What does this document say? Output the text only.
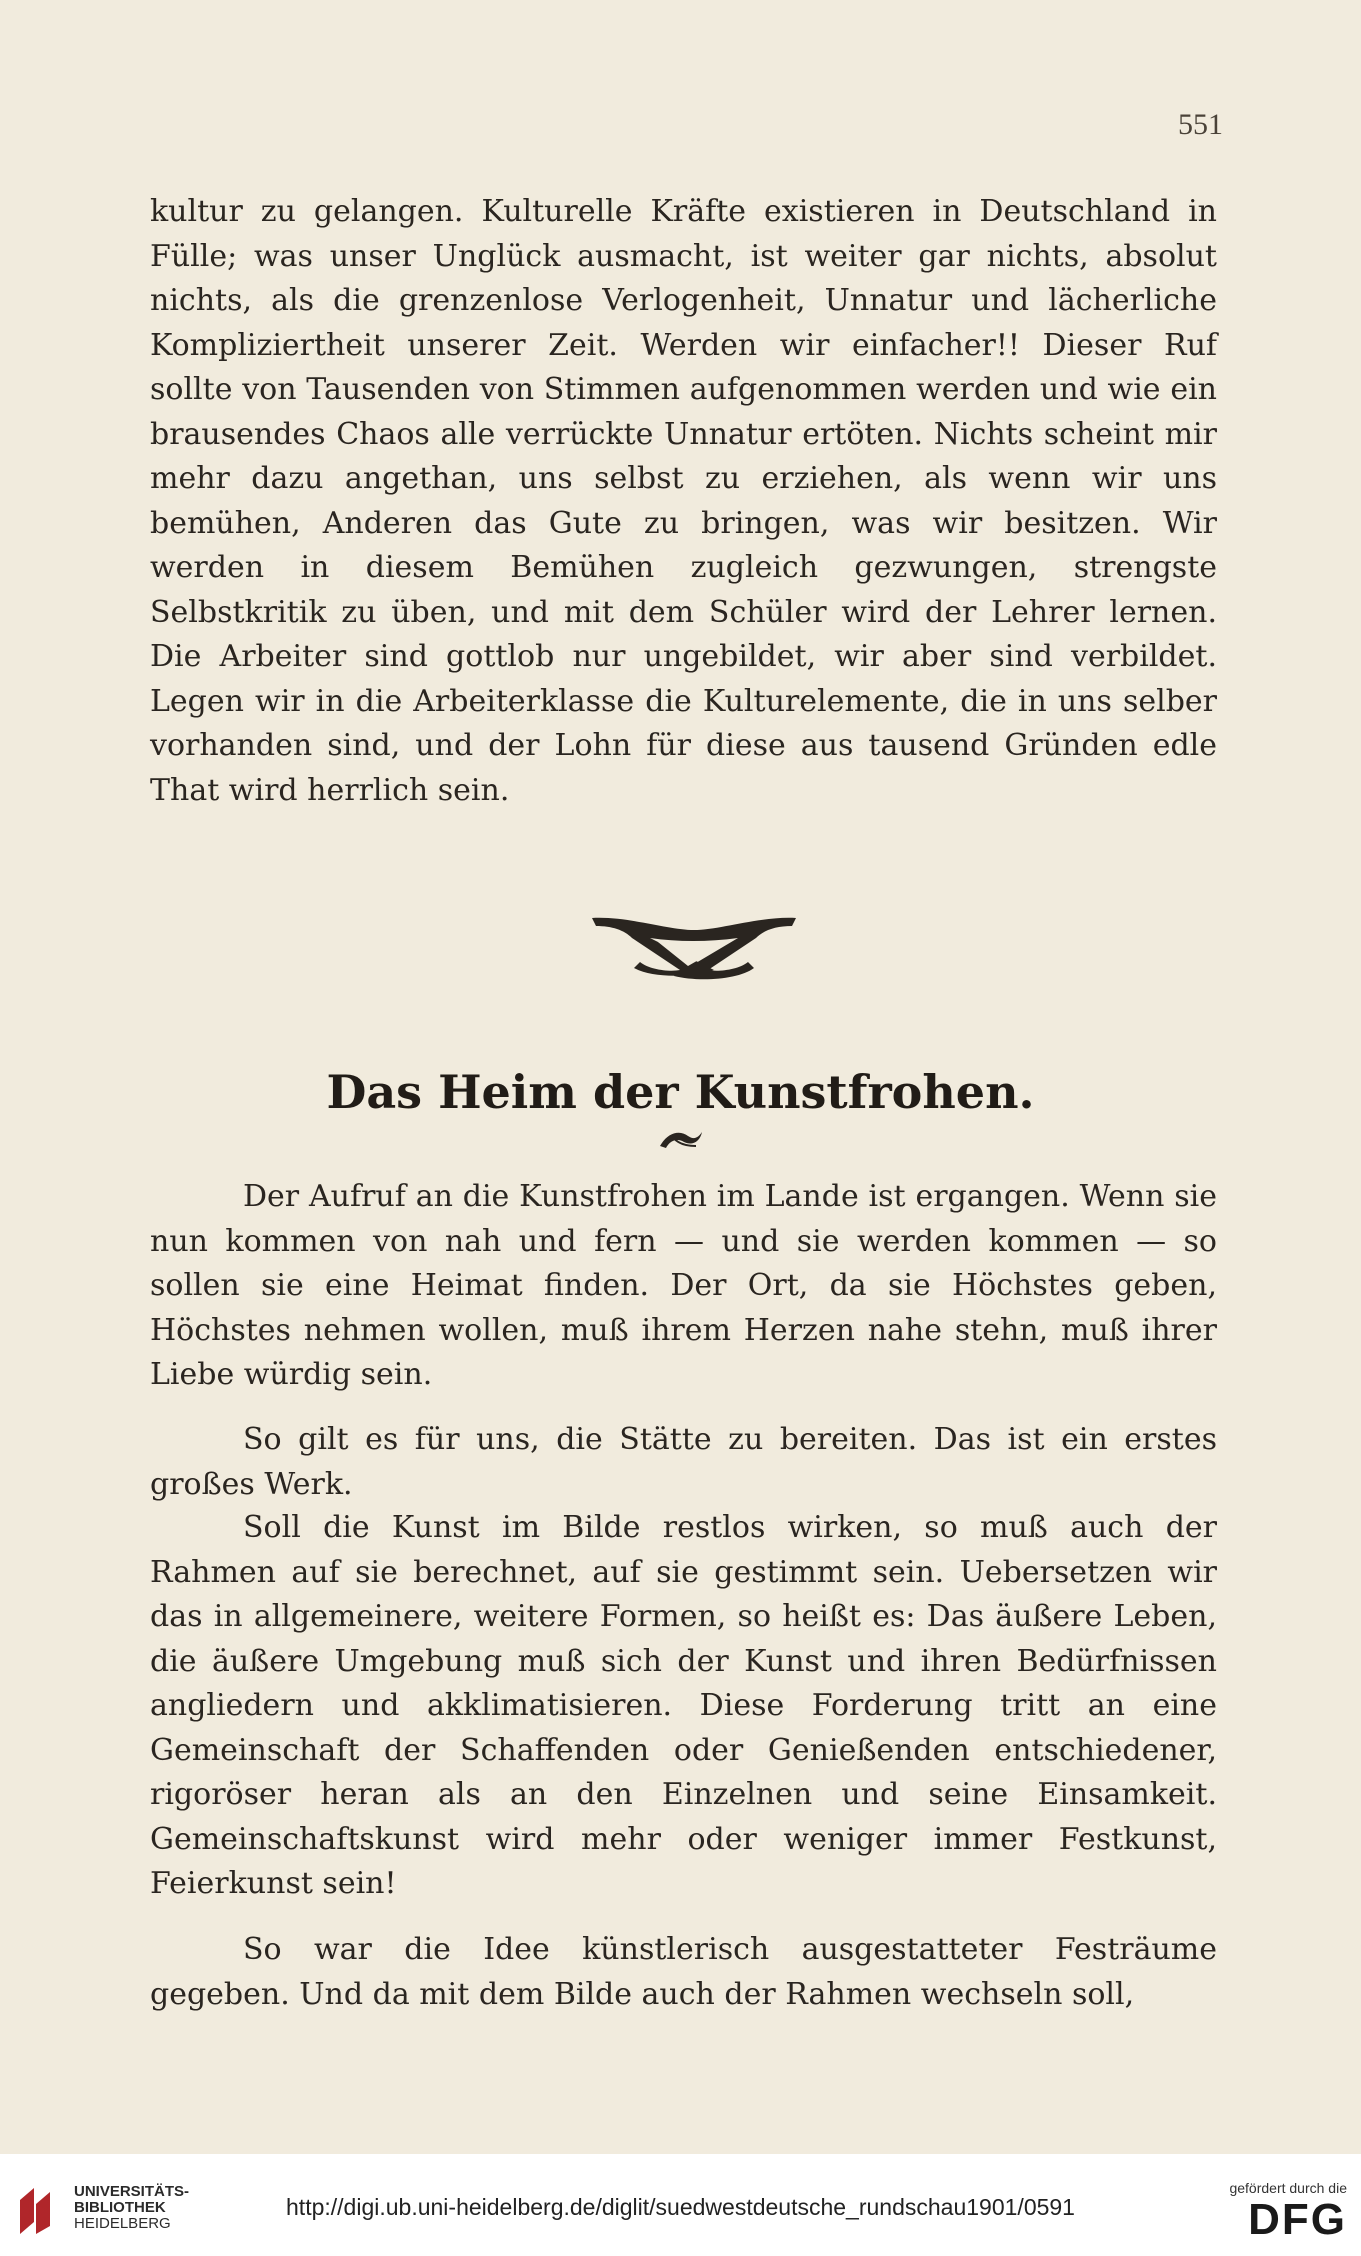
551

kultur zu gelangen. Kulturelle Kräfte existieren in Deutschland in Fülle; was unser Unglück ausmacht, ist weiter gar nichts, absolut nichts, als die grenzenlose Verlogenheit, Unnatur und lächerliche Kompliziertheit unserer Zeit. Werden wir einfacher!! Dieser Ruf sollte von Tausenden von Stimmen aufgenommen werden und wie ein brausendes Chaos alle verrückte Unnatur ertöten. Nichts scheint mir mehr dazu angethan, uns selbst zu erziehen, als wenn wir uns bemühen, Anderen das Gute zu bringen, was wir besitzen. Wir werden in diesem Bemühen zugleich gezwungen, strengste Selbstkritik zu üben, und mit dem Schüler wird der Lehrer lernen. Die Arbeiter sind gottlob nur ungebildet, wir aber sind verbildet. Legen wir in die Arbeiterklasse die Kulturelemente, die in uns selber vorhanden sind, und der Lohn für diese aus tausend Gründen edle That wird herrlich sein.

Das Heim der Kunstfrohen.

Der Aufruf an die Kunstfrohen im Lande ist ergangen. Wenn sie nun kommen von nah und fern — und sie werden kommen — so sollen sie eine Heimat finden. Der Ort, da sie Höchstes geben, Höchstes nehmen wollen, muß ihrem Herzen nahe stehn, muß ihrer Liebe würdig sein.

So gilt es für uns, die Stätte zu bereiten. Das ist ein erstes großes Werk.

Soll die Kunst im Bilde restlos wirken, so muß auch der Rahmen auf sie berechnet, auf sie gestimmt sein. Uebersetzen wir das in allgemeinere, weitere Formen, so heißt es: Das äußere Leben, die äußere Umgebung muß sich der Kunst und ihren Bedürfnissen angliedern und akklimatisieren. Diese Forderung tritt an eine Gemeinschaft der Schaffenden oder Genießenden entschiedener, rigoröser heran als an den Einzelnen und seine Einsamkeit. Gemeinschaftskunst wird mehr oder weniger immer Festkunst, Feierkunst sein!

So war die Idee künstlerisch ausgestatteter Festräume gegeben. Und da mit dem Bilde auch der Rahmen wechseln soll,

UNIVERSITÄTS-
BIBLIOTHEK
HEIDELBERG
http://digi.ub.uni-heidelberg.de/diglit/suedwestdeutsche_rundschau1901/0591
gefördert durch die
DFG
